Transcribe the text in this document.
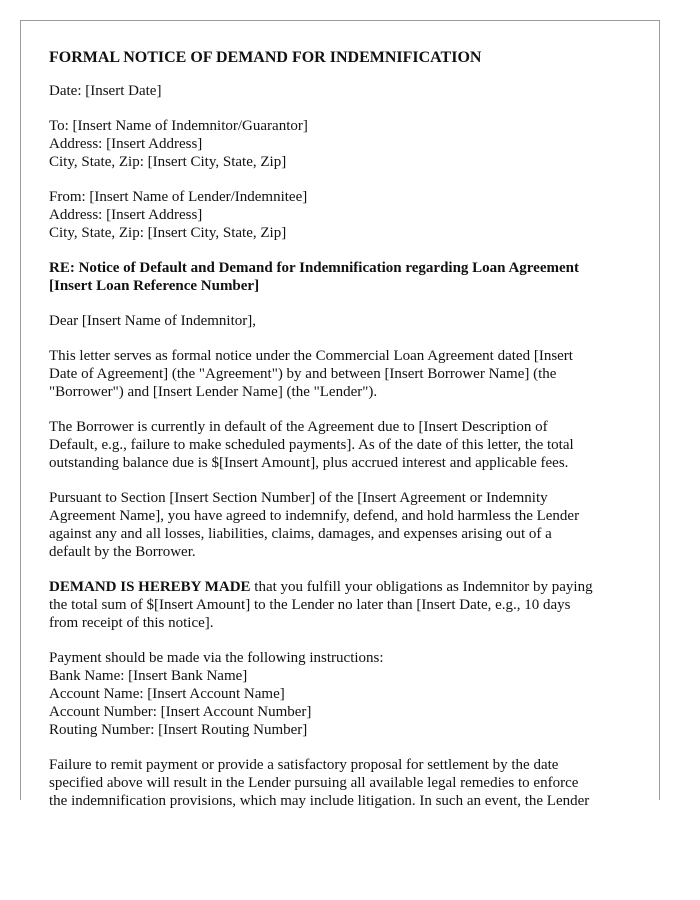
FORMAL NOTICE OF DEMAND FOR INDEMNIFICATION

Date: [Insert Date]

To: [Insert Name of Indemnitor/Guarantor]
Address: [Insert Address]
City, State, Zip: [Insert City, State, Zip]

From: [Insert Name of Lender/Indemnitee]
Address: [Insert Address]
City, State, Zip: [Insert City, State, Zip]

RE: Notice of Default and Demand for Indemnification regarding Loan Agreement
[Insert Loan Reference Number]

Dear [Insert Name of Indemnitor],

This letter serves as formal notice under the Commercial Loan Agreement dated [Insert
Date of Agreement] (the "Agreement") by and between [Insert Borrower Name] (the
"Borrower") and [Insert Lender Name] (the "Lender").

The Borrower is currently in default of the Agreement due to [Insert Description of
Default, e.g., failure to make scheduled payments]. As of the date of this letter, the total
outstanding balance due is $[Insert Amount], plus accrued interest and applicable fees.

Pursuant to Section [Insert Section Number] of the [Insert Agreement or Indemnity
Agreement Name], you have agreed to indemnify, defend, and hold harmless the Lender
against any and all losses, liabilities, claims, damages, and expenses arising out of a
default by the Borrower.

DEMAND IS HEREBY MADE that you fulfill your obligations as Indemnitor by paying
the total sum of $[Insert Amount] to the Lender no later than [Insert Date, e.g., 10 days
from receipt of this notice].

Payment should be made via the following instructions:
Bank Name: [Insert Bank Name]
Account Name: [Insert Account Name]
Account Number: [Insert Account Number]
Routing Number: [Insert Routing Number]

Failure to remit payment or provide a satisfactory proposal for settlement by the date
specified above will result in the Lender pursuing all available legal remedies to enforce
the indemnification provisions, which may include litigation. In such an event, the Lender
